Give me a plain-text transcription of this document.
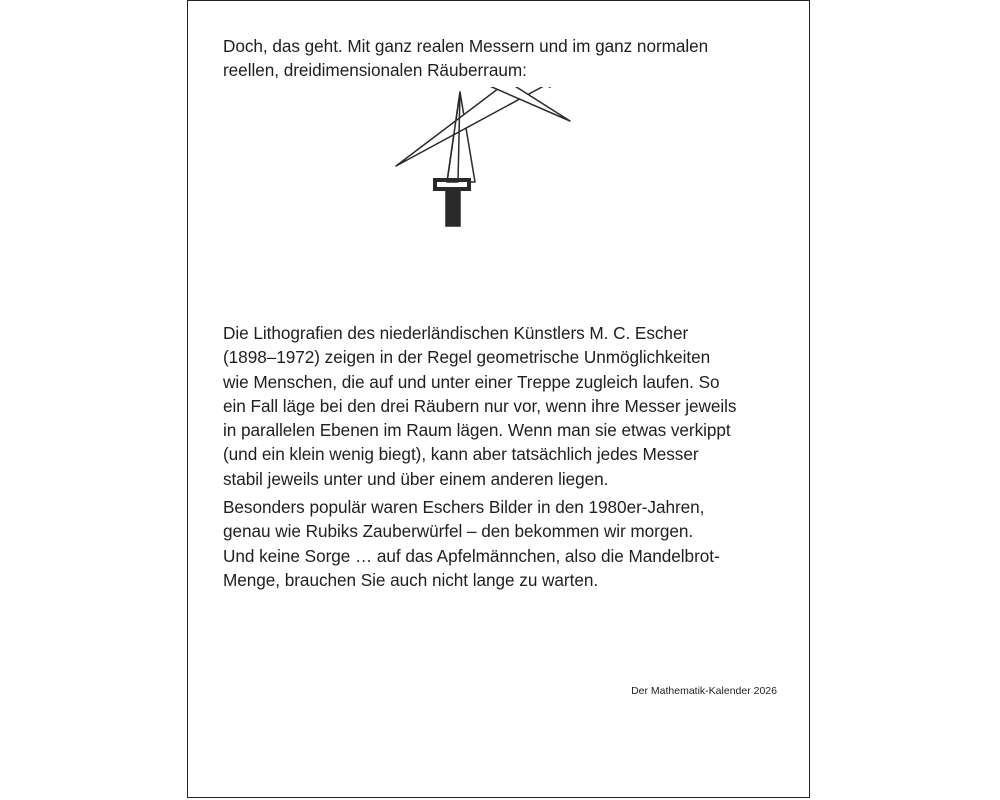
Doch, das geht. Mit ganz realen Messern und im ganz normalen
reellen, dreidimensionalen Räuberraum:
Die Lithografien des niederländischen Künstlers M. C. Escher
(1898–1972) zeigen in der Regel geometrische Unmöglichkeiten
wie Menschen, die auf und unter einer Treppe zugleich laufen. So
ein Fall läge bei den drei Räubern nur vor, wenn ihre Messer jeweils
in parallelen Ebenen im Raum lägen. Wenn man sie etwas verkippt
(und ein klein wenig biegt), kann aber tatsächlich jedes Messer
stabil jeweils unter und über einem anderen liegen.
Besonders populär waren Eschers Bilder in den 1980er-Jahren,
genau wie Rubiks Zauberwürfel – den bekommen wir morgen.
Und keine Sorge … auf das Apfelmännchen, also die Mandelbrot-
Menge, brauchen Sie auch nicht lange zu warten.
Der Mathematik-Kalender 2026
